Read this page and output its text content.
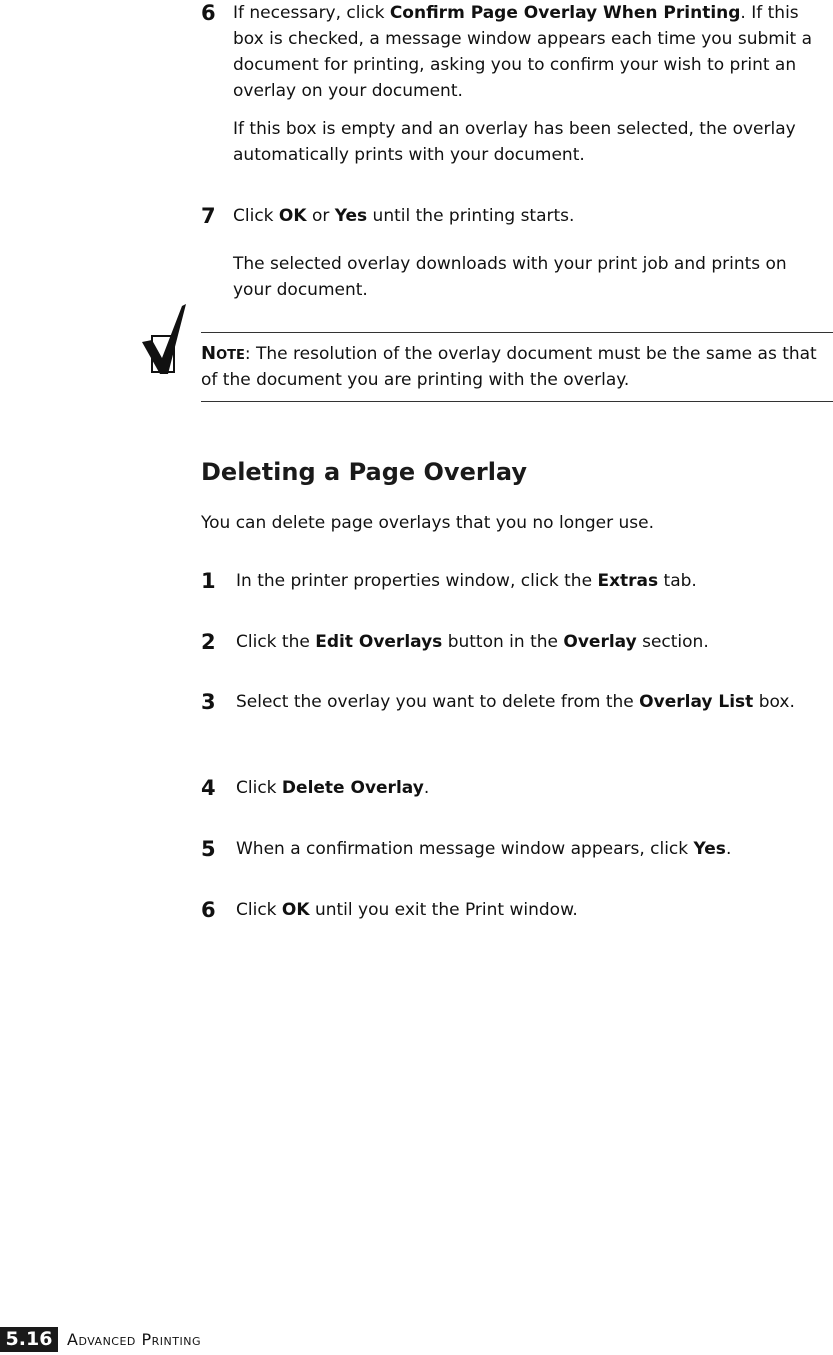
6 If necessary, click Confirm Page Overlay When Printing. If this box is checked, a message window appears each time you submit a document for printing, asking you to confirm your wish to print an overlay on your document.

If this box is empty and an overlay has been selected, the overlay automatically prints with your document.

7 Click OK or Yes until the printing starts.

The selected overlay downloads with your print job and prints on your document.

Note: The resolution of the overlay document must be the same as that of the document you are printing with the overlay.

Deleting a Page Overlay

You can delete page overlays that you no longer use.

1 In the printer properties window, click the Extras tab.

2 Click the Edit Overlays button in the Overlay section.

3 Select the overlay you want to delete from the Overlay List box.

4 Click Delete Overlay.

5 When a confirmation message window appears, click Yes.

6 Click OK until you exit the Print window.

5.16 Advanced Printing
